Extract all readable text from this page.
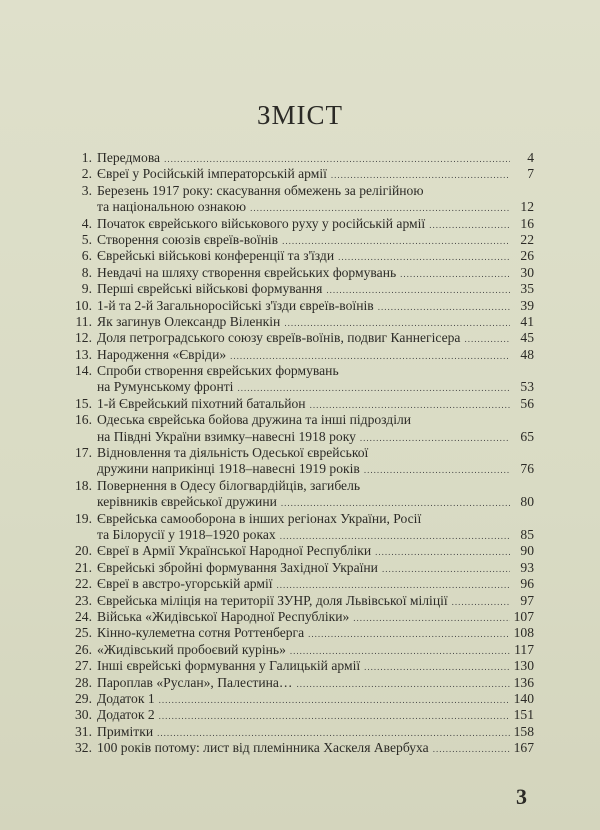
ЗМІСТ
1. Передмова .....	4
2. Євреї у Російській імператорській армії .....	7
3. Березень 1917 року: скасування обмежень за релігійною
та національною ознакою .....	12
4. Початок єврейського військового руху у російській армії .....	16
5. Створення союзів євреїв-воїнів .....	22
6. Єврейські військові конференції та з'їзди .....	26
8. Невдачі на шляху створення єврейських формувань .....	30
9. Перші єврейські військові формування .....	35
10. 1-й та 2-й Загальноросійські з'їзди євреїв-воїнів .....	39
11. Як загинув Олександр Віленкін .....	41
12. Доля петроградського союзу євреїв-воїнів, подвиг Каннегісера .....	45
13. Народження «Євріди» .....	48
14. Спроби створення єврейських формувань
на Румунському фронті .....	53
15. 1-й Єврейський піхотний батальйон .....	56
16. Одеська єврейська бойова дружина та інші підрозділи
на Півдні України взимку–навесні 1918 року .....	65
17. Відновлення та діяльність Одеської єврейської
дружини наприкінці 1918–навесні 1919 років .....	76
18. Повернення в Одесу білогвардійців, загибель
керівників єврейської дружини .....	80
19. Єврейська самооборона в інших регіонах України, Росії
та Білорусії у 1918–1920 роках .....	85
20. Євреї в Армії Української Народної Республіки .....	90
21. Єврейські збройні формування Західної України .....	93
22. Євреї в австро-угорській армії .....	96
23. Єврейська міліція на території ЗУНР, доля Львівської міліції .....	97
24. Війська «Жидівської Народної Республіки» .....	107
25. Кінно-кулеметна сотня Роттенберга .....	108
26. «Жидівський пробоєвий курінь» .....	117
27. Інші єврейські формування у Галицькій армії .....	130
28. Пароплав «Руслан», Палестина… .....	136
29. Додаток 1 .....	140
30. Додаток 2 .....	151
31. Примітки .....	158
32. 100 років потому: лист від племінника Хаскеля Авербуха .....	167
3
